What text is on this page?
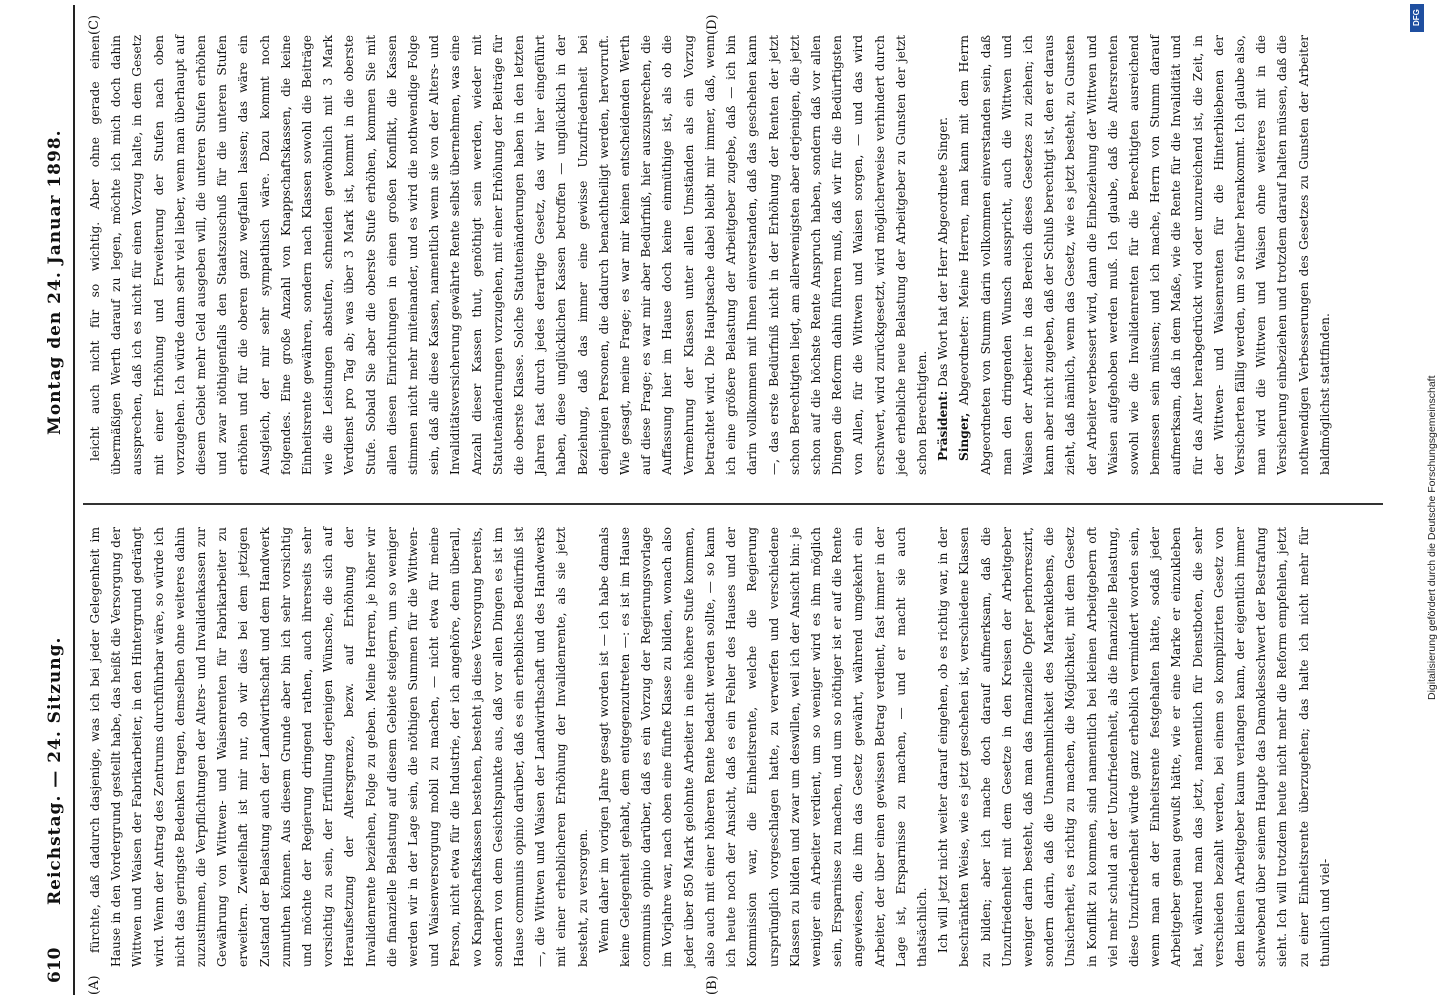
610
Reichstag. — 24. Sitzung.
Montag den 24. Januar 1898.
(A)	(B)
(C)	(D)

fürchte, daß dadurch dasjenige, was ich bei jeder Gelegenheit im Hause in den Vordergrund gestellt habe, das heißt die Versorgung der Wittwen und Waisen der Fabrikarbeiter, in den Hintergrund gedrängt wird. Wenn der Antrag des Zentrums durchführbar wäre, so würde ich nicht das geringste Bedenken tragen, demselben ohne weiteres dahin zuzustimmen, die Verpflichtungen der Alters- und Invalidenkassen zur Gewährung von Wittwen- und Waisenrenten für Fabrikarbeiter zu erweitern. Zweifelhaft ist mir nur, ob wir dies bei dem jetzigen Zustand der Belastung auch der Landwirthschaft und dem Handwerk zumuthen können. Aus diesem Grunde aber bin ich sehr vorsichtig und möchte der Regierung dringend rathen, auch ihrerseits sehr vorsichtig zu sein, der Erfüllung derjenigen Wünsche, die sich auf Heraufsetzung der Altersgrenze, bezw. auf Erhöhung der Invalidenrente beziehen, Folge zu geben. Meine Herren, je höher wir die finanzielle Belastung auf diesem Gebiete steigern, um so weniger werden wir in der Lage sein, die nöthigen Summen für die Wittwen- und Waisenversorgung mobil zu machen, — nicht etwa für meine Person, nicht etwa für die Industrie, der ich angehöre, denn überall, wo Knappschaftskassen bestehen, besteht ja diese Versorgung bereits, sondern von dem Gesichtspunkte aus, daß vor allen Dingen es ist im Hause communis opinio darüber, daß es ein erhebliches Bedürfniß ist —, die Wittwen und Waisen der Landwirthschaft und des Handwerks mit einer erheblicheren Erhöhung der Invalidenrente, als sie jetzt besteht, zu versorgen. Wenn daher im vorigen Jahre gesagt worden ist — ich habe damals keine Gelegenheit gehabt, dem entgegenzutreten —: es ist im Hause communis opinio darüber, daß es ein Vorzug der Regierungsvorlage im Vorjahre war, nach oben eine fünfte Klasse zu bilden, wonach also jeder über 850 Mark gelohnte Arbeiter in eine höhere Stufe kommen, also auch mit einer höheren Rente bedacht werden sollte, — so kann ich heute noch der Ansicht, daß es ein Fehler des Hauses und der Kommission war, die Einheitsrente, welche die Regierung ursprünglich vorgeschlagen hatte, zu verwerfen und verschiedene Klassen zu bilden und zwar um deswillen, weil ich der Ansicht bin: je weniger ein Arbeiter verdient, um so weniger wird es ihm möglich sein, Ersparnisse zu machen, und um so nöthiger ist er auf die Rente angewiesen, die ihm das Gesetz gewährt, während umgekehrt ein Arbeiter, der über einen gewissen Betrag verdient, fast immer in der Lage ist, Ersparnisse zu machen, — und er macht sie auch thatsächlich. Ich will jetzt nicht weiter darauf eingehen, ob es richtig war, in der beschränkten Weise, wie es jetzt geschehen ist, verschiedene Klassen zu bilden; aber ich mache doch darauf aufmerksam, daß die Unzufriedenheit mit dem Gesetze in den Kreisen der Arbeitgeber weniger darin besteht, daß man das finanzielle Opfer perhorreszirt, sondern darin, daß die Unannehmlichkeit des Markenklebens, die Unsicherheit, es richtig zu machen, die Möglichkeit, mit dem Gesetz in Konflikt zu kommen, sind namentlich bei kleinen Arbeitgebern oft viel mehr schuld an der Unzufriedenheit, als die finanzielle Belastung, diese Unzufriedenheit würde ganz erheblich vermindert worden sein, wenn man an der Einheitsrente festgehalten hätte, sodaß jeder Arbeitgeber genau gewußt hätte, wie er eine Marke er einzukleben hat, während man das jetzt, namentlich für Dienstboten, die sehr verschieden bezahlt werden, bei einem so komplizirten Gesetz von dem kleinen Arbeitgeber kaum verlangen kann, der eigentlich immer schwebend über seinem Haupte das Damoklesschwert der Bestrafung sieht. Ich will trotzdem heute nicht mehr die Reform empfehlen, jetzt zu einer Einheitsrente überzugehen; das halte ich nicht mehr für thunlich und viel-

leicht auch nicht für so wichtig. Aber ohne gerade einen übermäßigen Werth darauf zu legen, möchte ich mich doch dahin aussprechen, daß ich es nicht für einen Vorzug halte, in dem Gesetz mit einer Erhöhung und Erweiterung der Stufen nach oben vorzugehen. Ich würde dann sehr viel lieber, wenn man überhaupt auf diesem Gebiet mehr Geld ausgeben will, die unteren Stufen erhöhen und zwar nöthigenfalls den Staatszuschuß für die unteren Stufen erhöhen und für die oberen ganz wegfallen lassen; das wäre ein Ausgleich, der mir sehr sympathisch wäre. Dazu kommt noch folgendes. Eine große Anzahl von Knappschaftskassen, die keine Einheitsrente gewähren, sondern nach Klassen sowohl die Beiträge wie die Leistungen abstufen, schneiden gewöhnlich mit 3 Mark Verdienst pro Tag ab; was über 3 Mark ist, kommt in die oberste Stufe. Sobald Sie aber die oberste Stufe erhöhen, kommen Sie mit allen diesen Einrichtungen in einen großen Konflikt, die Kassen stimmen nicht mehr miteinander, und es wird die nothwendige Folge sein, daß alle diese Kassen, namentlich wenn sie von der Alters- und Invaliditätsversicherung gewährte Rente selbst übernehmen, was eine Anzahl dieser Kassen thut, genöthigt sein werden, wieder mit Statutenänderungen vorzugehen, mit einer Erhöhung der Beiträge für die oberste Klasse. Solche Statutenänderungen haben in den letzten Jahren fast durch jedes derartige Gesetz, das wir hier eingeführt haben, diese unglücklichen Kassen betroffen — unglücklich in der Beziehung, daß das immer eine gewisse Unzufriedenheit bei denjenigen Personen, die dadurch benachtheiligt werden, hervorruft. Wie gesagt, meine Frage; es war mir keinen entscheidenden Werth auf diese Frage; es war mir aber Bedürfniß, hier auszusprechen, die Auffassung hier im Hause doch keine einmüthige ist, als ob die Vermehrung der Klassen unter allen Umständen als ein Vorzug betrachtet wird. Die Hauptsache dabei bleibt mir immer, daß, wenn ich eine größere Belastung der Arbeitgeber zugebe, daß — ich bin darin vollkommen mit Ihnen einverstanden, daß das geschehen kann —, das erste Bedürfniß nicht in der Erhöhung der Renten der jetzt schon Berechtigten liegt, am allerwenigsten aber derjenigen, die jetzt schon auf die höchste Rente Anspruch haben, sondern daß vor allen Dingen die Reform dahin führen muß, daß wir für die Bedürftigsten von Allen, für die Wittwen und Waisen sorgen, — und das wird erschwert, wird zurückgesetzt, wird möglicherweise verhindert durch jede erhebliche neue Belastung der Arbeitgeber zu Gunsten der jetzt schon Berechtigten. Präsident: Das Wort hat der Herr Abgeordnete Singer.

Singer, Abgeordneter: Meine Herren, man kann mit dem Herrn Abgeordneten von Stumm darin vollkommen einverstanden sein, daß man den dringenden Wunsch ausspricht, auch die Wittwen und Waisen der Arbeiter in das Bereich dieses Gesetzes zu ziehen; ich kann aber nicht zugeben, daß der Schluß berechtigt ist, den er daraus zieht, daß nämlich, wenn das Gesetz, wie es jetzt besteht, zu Gunsten der Arbeiter verbessert wird, dann die Einbeziehung der Wittwen und Waisen aufgehoben werden muß. Ich glaube, daß die Altersrenten sowohl wie die Invalidenrenten für die Berechtigten ausreichend bemessen sein müssen; und ich mache, Herrn von Stumm darauf aufmerksam, daß in dem Maße, wie die Rente für die Invalidität und für das Alter herabgedrückt wird oder unzureichend ist, die Zeit, in der Wittwen- und Waisenrenten für die Hinterbliebenen der Versicherten fällig werden, um so früher herankommt. Ich glaube also, man wird die Wittwen und Waisen ohne weiteres mit in die Versicherung einbeziehen und trotzdem darauf halten müssen, daß die nothwendigen Verbesserungen des Gesetzes zu Gunsten der Arbeiter baldmöglichst stattfinden.

DFG
Digitalisierung gefördert durch die Deutsche Forschungsgemeinschaft
